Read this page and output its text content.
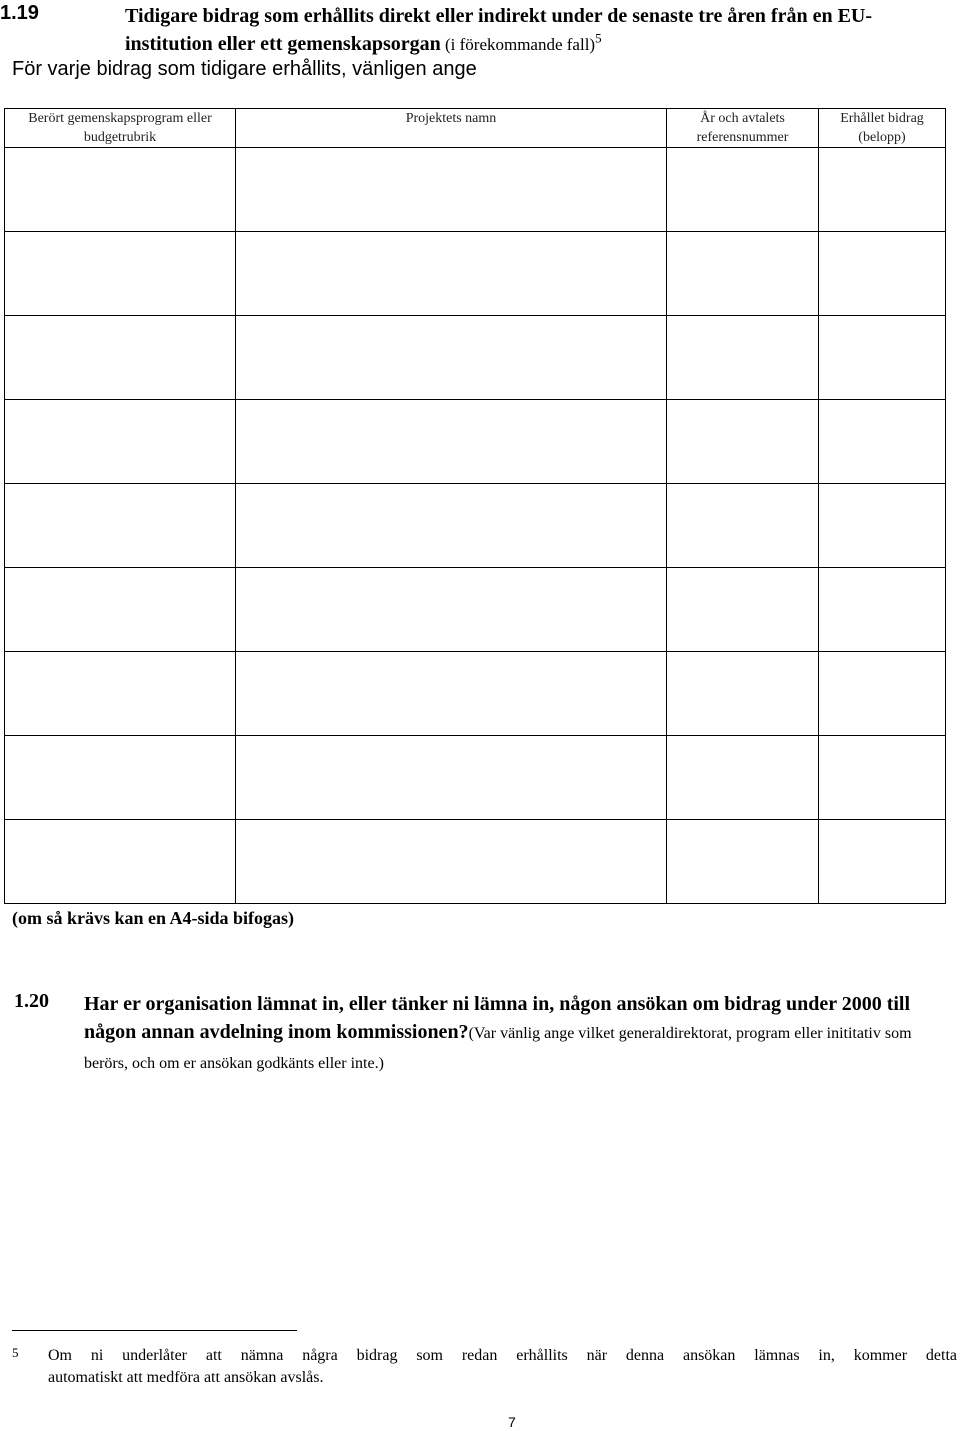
1.19	Tidigare bidrag som erhållits direkt eller indirekt under de senaste tre åren från en EU-institution eller ett gemenskapsorgan (i förekommande fall)$^5$
För varje bidrag som tidigare erhållits, vänligen ange
Berört gemenskapsprogram eller budgetrubrik	Projektets namn	År och avtalets referensnummer	Erhållet bidrag (belopp)

(om så krävs kan en A4-sida bifogas)
1.20 Har er organisation lämnat in, eller tänker ni lämna in, någon ansökan om bidrag under 2000 till någon annan avdelning inom kommissionen?(Var vänlig ange vilket generaldirektorat, program eller inititativ som berörs, och om er ansökan godkänts eller inte.)
5 Om ni underlåter att nämna några bidrag som redan erhållits när denna ansökan lämnas in, kommer detta
automatiskt att medföra att ansökan avslås.
7
